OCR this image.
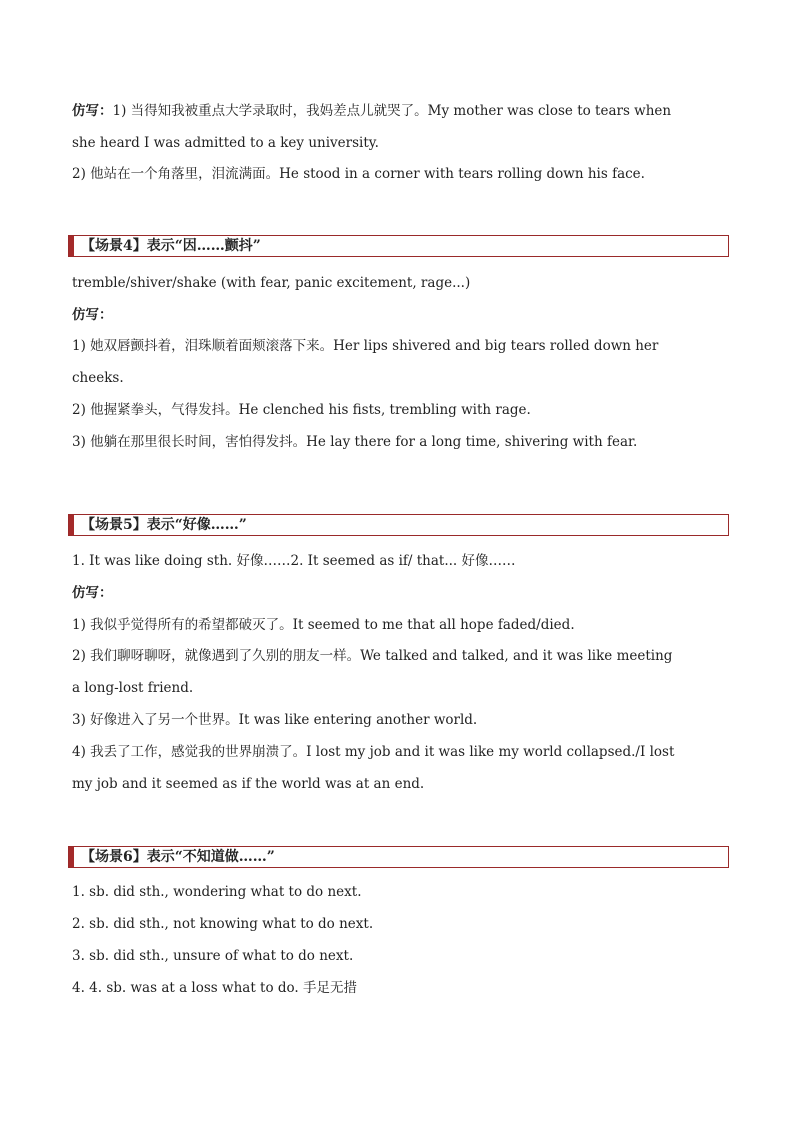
仿写：1) 当得知我被重点大学录取时，我妈差点儿就哭了。My mother was close to tears when
she heard I was admitted to a key university.
2) 他站在一个角落里，泪流满面。He stood in a corner with tears rolling down his face.
【场景4】表示“因……颤抖”
tremble/shiver/shake (with fear, panic excitement, rage...)
仿写：
1) 她双唇颤抖着，泪珠顺着面颊滚落下来。Her lips shivered and big tears rolled down her
cheeks.
2) 他握紧拳头，气得发抖。He clenched his fists, trembling with rage.
3) 他躺在那里很长时间，害怕得发抖。He lay there for a long time, shivering with fear.
【场景5】表示“好像……”
1. It was like doing sth. 好像……2. It seemed as if/ that... 好像……
仿写：
1) 我似乎觉得所有的希望都破灭了。It seemed to me that all hope faded/died.
2) 我们聊呀聊呀，就像遇到了久别的朋友一样。We talked and talked, and it was like meeting
a long-lost friend.
3) 好像进入了另一个世界。It was like entering another world.
4) 我丢了工作，感觉我的世界崩溃了。I lost my job and it was like my world collapsed./I lost
my job and it seemed as if the world was at an end.
【场景6】表示“不知道做……”
1. sb. did sth., wondering what to do next.
2. sb. did sth., not knowing what to do next.
3. sb. did sth., unsure of what to do next.
4. 4. sb. was at a loss what to do. 手足无措
